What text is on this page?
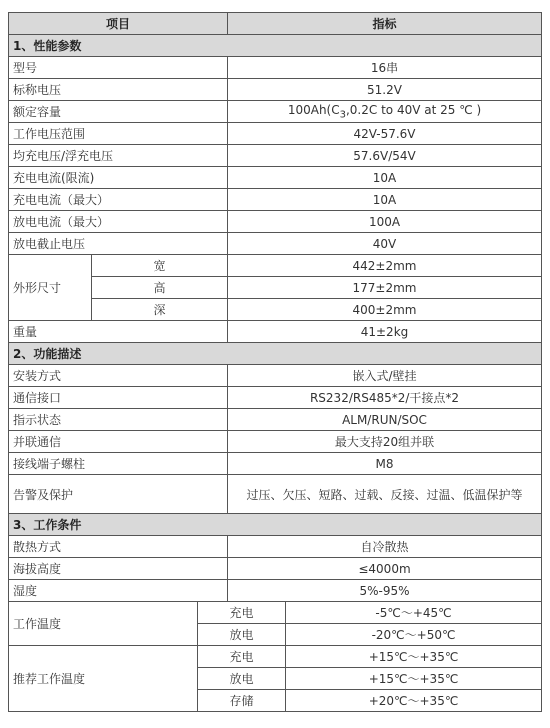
项目			指标	
1、性能参数				
型号			16串	
标称电压			51.2V	
额定容量			$100Ah(C_3,0.2C$ to 40V at 25 ℃ )	
工作电压范围			42V-57.6V	
均充电压/浮充电压			57.6V/54V	
充电电流(限流)			10A	
充电电流（最大）			10A	
放电电流（最大）			100A	
放电截止电压			40V	
外形尺寸	宽		442±2mm	
	高		177±2mm	
	深		400±2mm	
重量			41±2kg	
2、功能描述				
安装方式			嵌入式/壁挂	
通信接口			RS232/RS485*2/干接点*2	
指示状态			ALM/RUN/SOC	
并联通信			最大支持20组并联	
接线端子螺柱			M8	
告警及保护			过压、欠压、短路、过载、反接、过温、低温保护等	
3、工作条件				
散热方式			自冷散热	
海拔高度			≤4000m	
湿度			5%-95%	
工作温度		充电		-5℃～+45℃
		放电		-20℃～+50℃
推荐工作温度		充电		+15℃～+35℃
		放电		+15℃～+35℃
		存储		+20℃～+35℃
